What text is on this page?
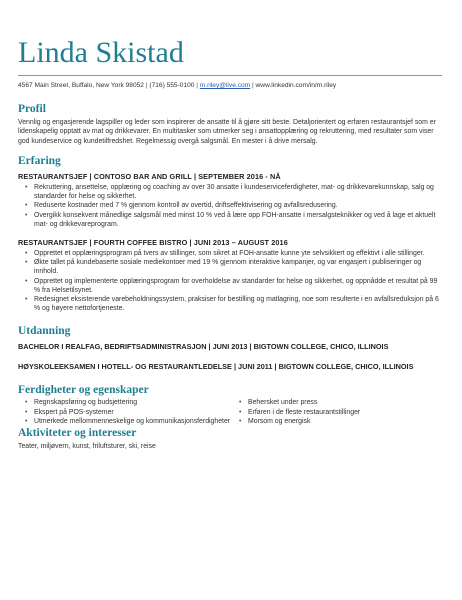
Linda Skistad
4567 Main Street, Buffalo, New York 98052 | (716) 555-0100 | m.riley@live.com | www.linkedin.com/in/m.riley
Profil

Vennlig og engasjerende lagspiller og leder som inspirerer de ansatte til å gjøre sitt beste. Detaljorientert og erfaren restaurantsjef som er lidenskapelig opptatt av mat og drikkevarer. En multitasker som utmerker seg i ansattopplæring og rekruttering, med resultater som viser god kundeservice og kundetilfredshet. Regelmessig overgå salgsmål. En mester i å drive mersalg.

Erfaring

RESTAURANTSJEF | CONTOSO BAR AND GRILL | SEPTEMBER 2016 - NÅ

• Rekruttering, ansettelse, opplæring og coaching av over 30 ansatte i kundeserviceferdigheter, mat- og drikkevarekunnskap, salg og standarder for helse og sikkerhet.
• Reduserte kostnader med 7 % gjennom kontroll av overtid, driftseffektivisering og avfallsredusering.
• Overgikk konsekvent månedlige salgsmål med minst 10 % ved å lære opp FOH-ansatte i mersalgsteknikker og ved å lage et aktuelt mat- og drikkevareprogram.

RESTAURANTSJEF | FOURTH COFFEE BISTRO | JUNI 2013 – AUGUST 2016

• Opprettet et opplæringsprogram på tvers av stillinger, som sikret at FOH-ansatte kunne yte selvsikkert og effektivt i alle stillinger.
• Økte tallet på kundebaserte sosiale mediekontoer med 19 % gjennom interaktive kampanjer, og var engasjert i publiseringer og innhold.
• Opprettet og implementerte opplæringsprogram for overholdelse av standarder for helse og sikkerhet, og oppnådde et resultat på 99 % fra Helsetilsynet.
• Redesignet eksisterende varebeholdningssystem, praksiser for bestilling og matlagring, noe som resulterte i en avfallsreduksjon på 6 % og høyere nettofortjeneste.
Utdanning

BACHELOR I REALFAG, BEDRIFTSADMINISTRASJON | JUNI 2013 | BIGTOWN COLLEGE, CHICO, ILLINOIS

HØYSKOLEEKSAMEN I HOTELL- OG RESTAURANTLEDELSE | JUNI 2011 | BIGTOWN COLLEGE, CHICO, ILLINOIS

Ferdigheter og egenskaper
• Regnskapsføring og budsjettering
• Ekspert på POS-systemer
• Utmerkede mellommenneskelige og kommunikasjonsferdigheter
• Behersket under press
• Erfaren i de fleste restaurantstillinger
• Morsom og energisk
Aktiviteter og interesser

Teater, miljøvern, kunst, friluftsturer, ski, reise
